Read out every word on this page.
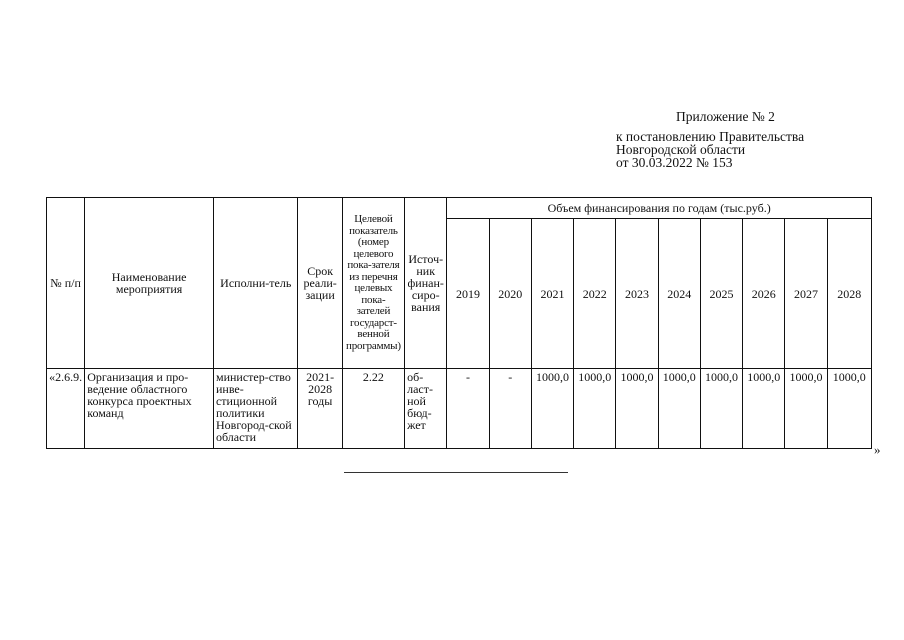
Приложение № 2
к постановлению Правительства
Новгородской области
от 30.03.2022 № 153
№ п/п	Наименование мероприятия	Исполни-тель	Срок реали-зации	Целевой показатель (номер целевого пока-зателя из перечня целевых пока-зателей государст-венной программы)	Источ-ник финан-сиро-вания	Объем финансирования по годам (тыс.руб.)									
						2019	2020	2021	2022	2023	2024	2025	2026	2027	2028
«2.6.9.	Организация и про-ведение областного конкурса проектных команд	министер-ство инве-стиционной политики Новгород-ской области	2021-2028 годы	2.22	об-ласт-ной бюд-жет	-	-	1000,0	1000,0	1000,0	1000,0	1000,0	1000,0	1000,0	1000,0
»
